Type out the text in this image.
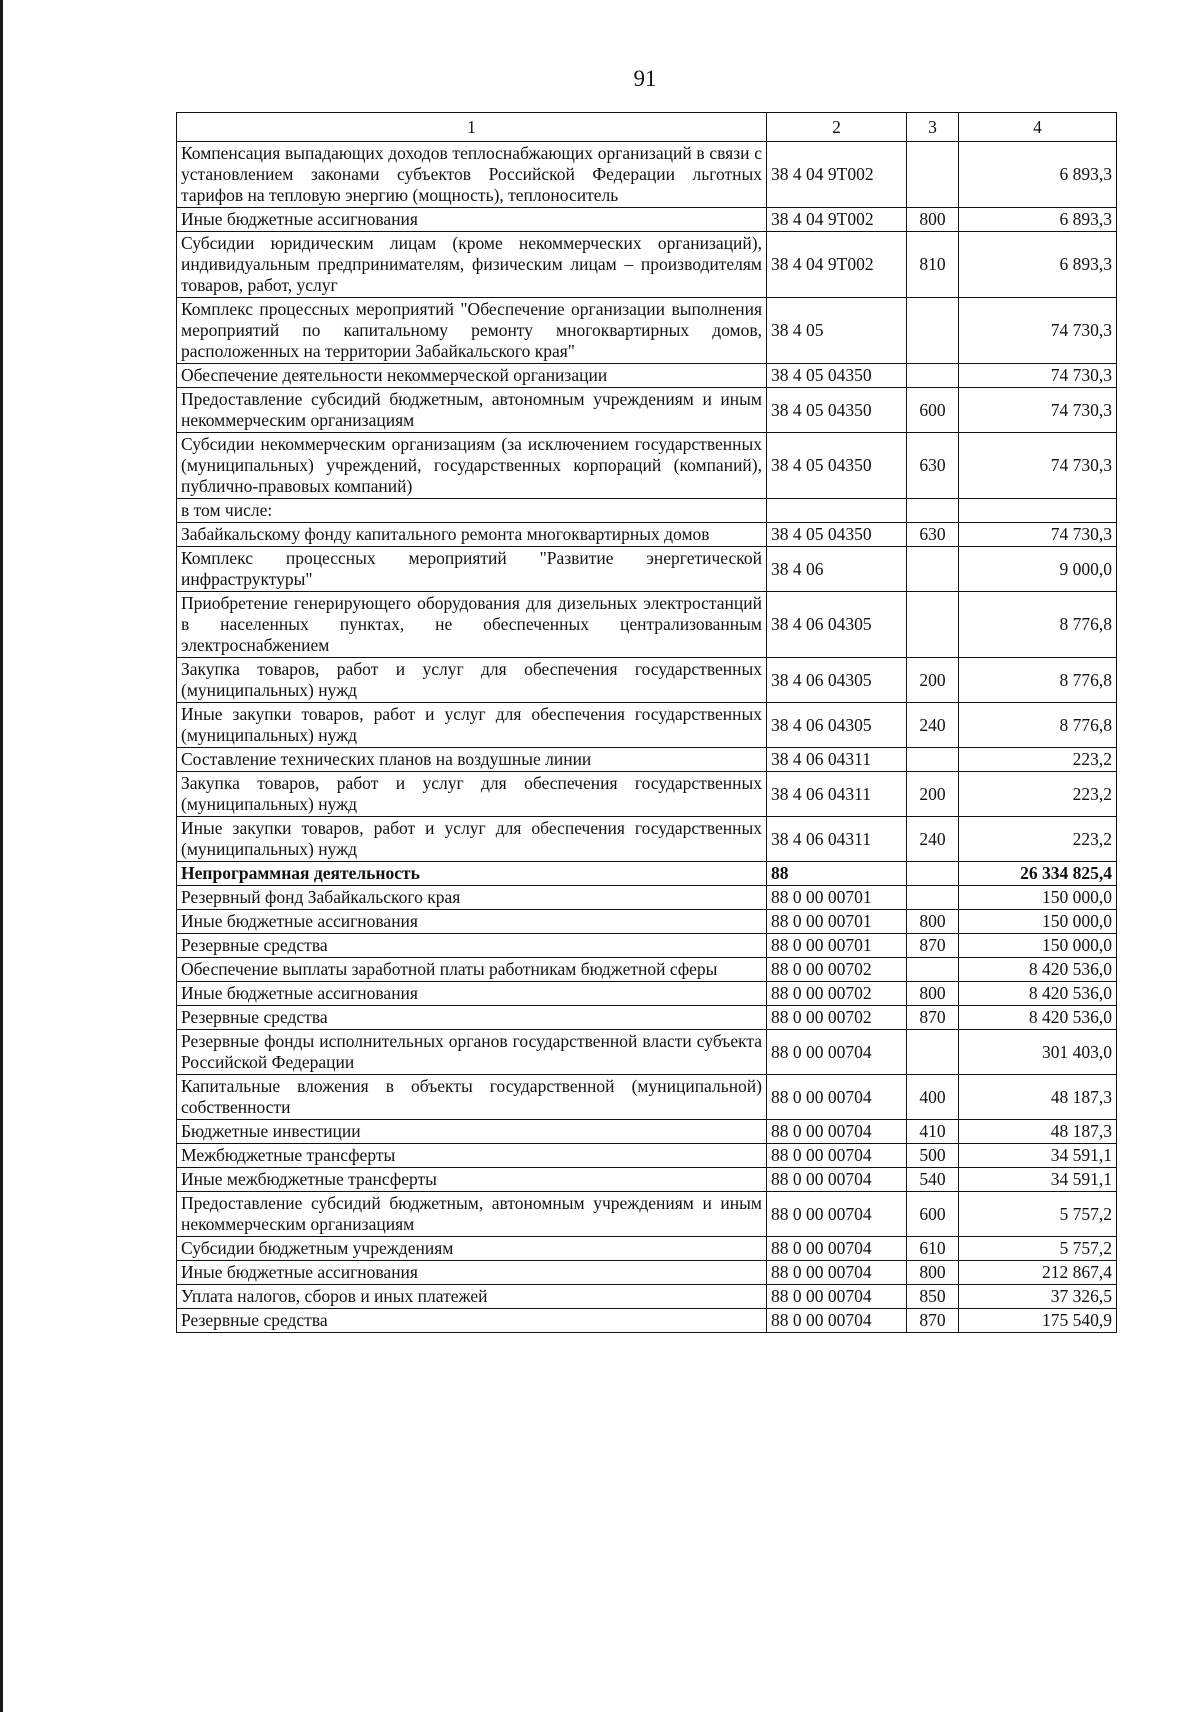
91
1	2	3	4
Компенсация выпадающих доходов теплоснабжающих организаций в связи с установлением законами субъектов Российской Федерации льготных тарифов на тепловую энергию (мощность), теплоноситель	38 4 04 9Т002		6 893,3
Иные бюджетные ассигнования	38 4 04 9Т002	800	6 893,3
Субсидии юридическим лицам (кроме некоммерческих организаций), индивидуальным предпринимателям, физическим лицам – производителям товаров, работ, услуг	38 4 04 9Т002	810	6 893,3
Комплекс процессных мероприятий "Обеспечение организации выполнения мероприятий по капитальному ремонту многоквартирных домов, расположенных на территории Забайкальского края"	38 4 05		74 730,3
Обеспечение деятельности некоммерческой организации	38 4 05 04350		74 730,3
Предоставление субсидий бюджетным, автономным учреждениям и иным некоммерческим организациям	38 4 05 04350	600	74 730,3
Субсидии некоммерческим организациям (за исключением государственных (муниципальных) учреждений, государственных корпораций (компаний), публично-правовых компаний)	38 4 05 04350	630	74 730,3
в том числе:			
Забайкальскому фонду капитального ремонта многоквартирных домов	38 4 05 04350	630	74 730,3
Комплекс процессных мероприятий "Развитие энергетической инфраструктуры"	38 4 06		9 000,0
Приобретение генерирующего оборудования для дизельных электростанций в населенных пунктах, не обеспеченных централизованным электроснабжением	38 4 06 04305		8 776,8
Закупка товаров, работ и услуг для обеспечения государственных (муниципальных) нужд	38 4 06 04305	200	8 776,8
Иные закупки товаров, работ и услуг для обеспечения государственных (муниципальных) нужд	38 4 06 04305	240	8 776,8
Составление технических планов на воздушные линии	38 4 06 04311		223,2
Закупка товаров, работ и услуг для обеспечения государственных (муниципальных) нужд	38 4 06 04311	200	223,2
Иные закупки товаров, работ и услуг для обеспечения государственных (муниципальных) нужд	38 4 06 04311	240	223,2
Непрограммная деятельность	88		26 334 825,4
Резервный фонд Забайкальского края	88 0 00 00701		150 000,0
Иные бюджетные ассигнования	88 0 00 00701	800	150 000,0
Резервные средства	88 0 00 00701	870	150 000,0
Обеспечение выплаты заработной платы работникам бюджетной сферы	88 0 00 00702		8 420 536,0
Иные бюджетные ассигнования	88 0 00 00702	800	8 420 536,0
Резервные средства	88 0 00 00702	870	8 420 536,0
Резервные фонды исполнительных органов государственной власти субъекта Российской Федерации	88 0 00 00704		301 403,0
Капитальные вложения в объекты государственной (муниципальной) собственности	88 0 00 00704	400	48 187,3
Бюджетные инвестиции	88 0 00 00704	410	48 187,3
Межбюджетные трансферты	88 0 00 00704	500	34 591,1
Иные межбюджетные трансферты	88 0 00 00704	540	34 591,1
Предоставление субсидий бюджетным, автономным учреждениям и иным некоммерческим организациям	88 0 00 00704	600	5 757,2
Субсидии бюджетным учреждениям	88 0 00 00704	610	5 757,2
Иные бюджетные ассигнования	88 0 00 00704	800	212 867,4
Уплата налогов, сборов и иных платежей	88 0 00 00704	850	37 326,5
Резервные средства	88 0 00 00704	870	175 540,9
